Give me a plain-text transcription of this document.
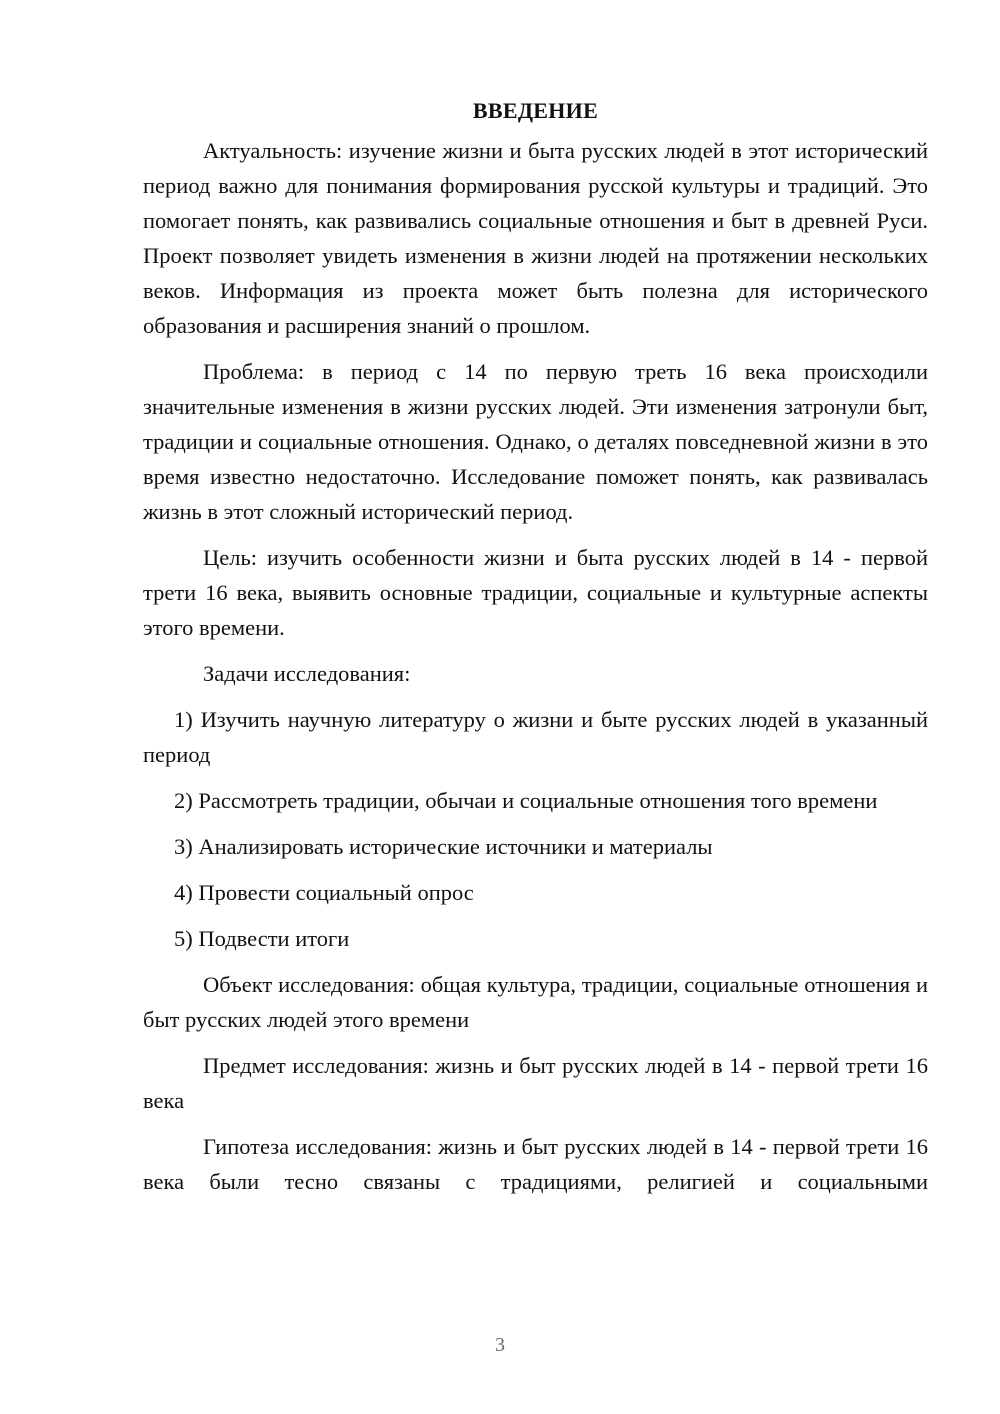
ВВЕДЕНИЕ

Актуальность: изучение жизни и быта русских людей в этот исторический период важно для понимания формирования русской культуры и традиций. Это помогает понять, как развивались социальные отношения и быт в древней Руси. Проект позволяет увидеть изменения в жизни людей на протяжении нескольких веков. Информация из проекта может быть полезна для исторического образования и расширения знаний о прошлом.

Проблема: в период с 14 по первую треть 16 века происходили значительные изменения в жизни русских людей. Эти изменения затронули быт, традиции и социальные отношения. Однако, о деталях повседневной жизни в это время известно недостаточно. Исследование поможет понять, как развивалась жизнь в этот сложный исторический период.

Цель: изучить особенности жизни и быта русских людей в 14 - первой трети 16 века, выявить основные традиции, социальные и культурные аспекты этого времени.

Задачи исследования:

1) Изучить научную литературу о жизни и быте русских людей в указанный период

2) Рассмотреть традиции, обычаи и социальные отношения того времени

3) Анализировать исторические источники и материалы

4) Провести социальный опрос

5) Подвести итоги

Объект исследования: общая культура, традиции, социальные отношения и быт русских людей этого времени

Предмет исследования: жизнь и быт русских людей в 14 - первой трети 16 века

Гипотеза исследования: жизнь и быт русских людей в 14 - первой трети 16 века были тесно связаны с традициями, религией и социальными

3
